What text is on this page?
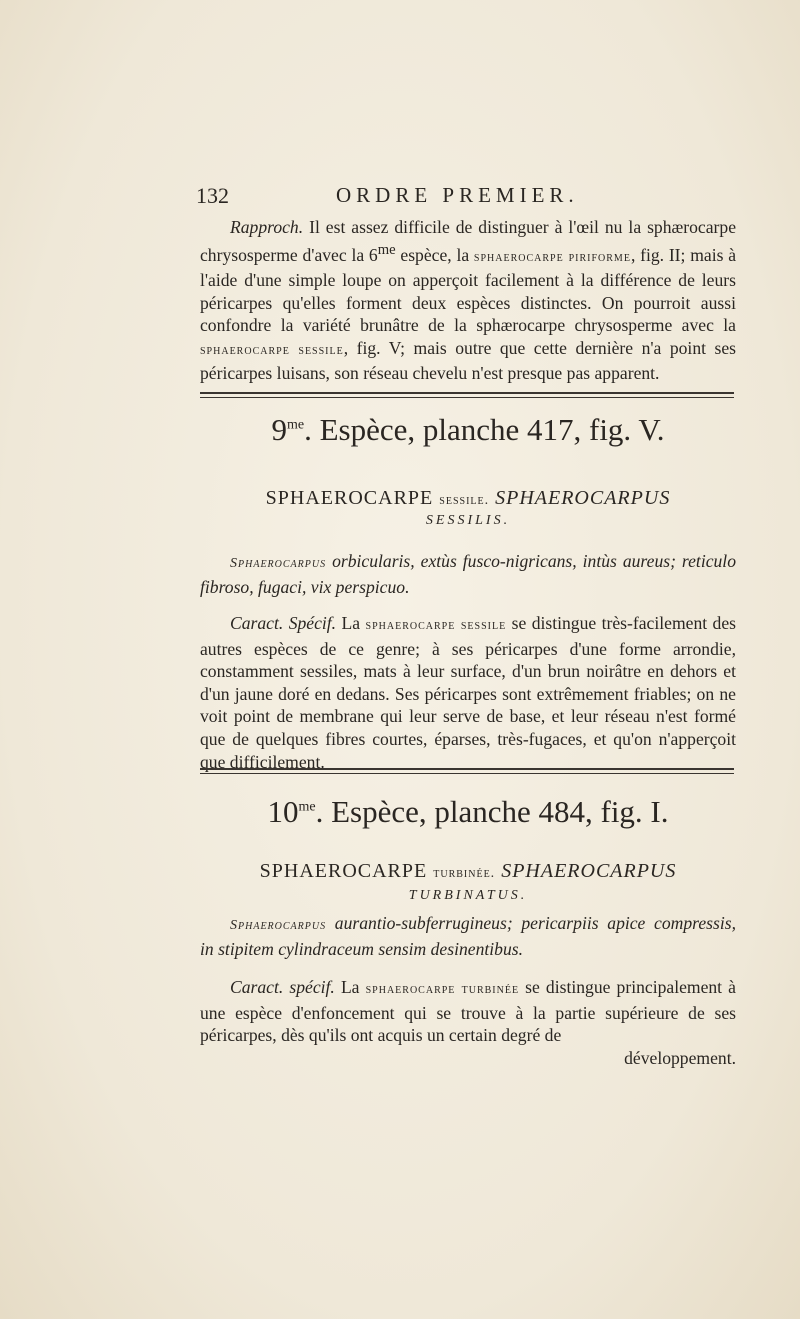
132	ORDRE PREMIER.

Rapproch. Il est assez difficile de distinguer à l'œil nu la sphærocarpe chrysosperme d'avec la $6^{me}$ espèce, la sphaerocarpe piriforme, fig. II; mais à l'aide d'une simple loupe on apperçoit facilement à la différence de leurs péricarpes qu'elles forment deux espèces distinctes. On pourroit aussi confondre la variété brunâtre de la sphærocarpe chrysosperme avec la sphaerocarpe sessile, fig. V; mais outre que cette dernière n'a point ses péricarpes luisans, son réseau chevelu n'est presque pas apparent.

$9^{me}$. Espèce, planche 417, fig. V.
SPHAEROCARPE sessile. SPHAEROCARPUS
SESSILIS.

Sphaerocarpus orbicularis, extùs fusco-nigricans, intùs aureus; reticulo fibroso, fugaci, vix perspicuo.

Caract. Spécif. La sphaerocarpe sessile se distingue très-facilement des autres espèces de ce genre; à ses péricarpes d'une forme arrondie, constamment sessiles, mats à leur surface, d'un brun noirâtre en dehors et d'un jaune doré en dedans. Ses péricarpes sont extrêmement friables; on ne voit point de membrane qui leur serve de base, et leur réseau n'est formé que de quelques fibres courtes, éparses, très-fugaces, et qu'on n'apperçoit que difficilement.

$10^{me}$. Espèce, planche 484, fig. I.
SPHAEROCARPE turbinée. SPHAEROCARPUS
TURBINATUS.

Sphaerocarpus aurantio-subferrugineus; pericarpiis apice compressis, in stipitem cylindraceum sensim desinentibus.

Caract. spécif. La sphaerocarpe turbinée se distingue principalement à une espèce d'enfoncement qui se trouve à la partie supérieure de ses péricarpes, dès qu'ils ont acquis un certain degré de

développement.
